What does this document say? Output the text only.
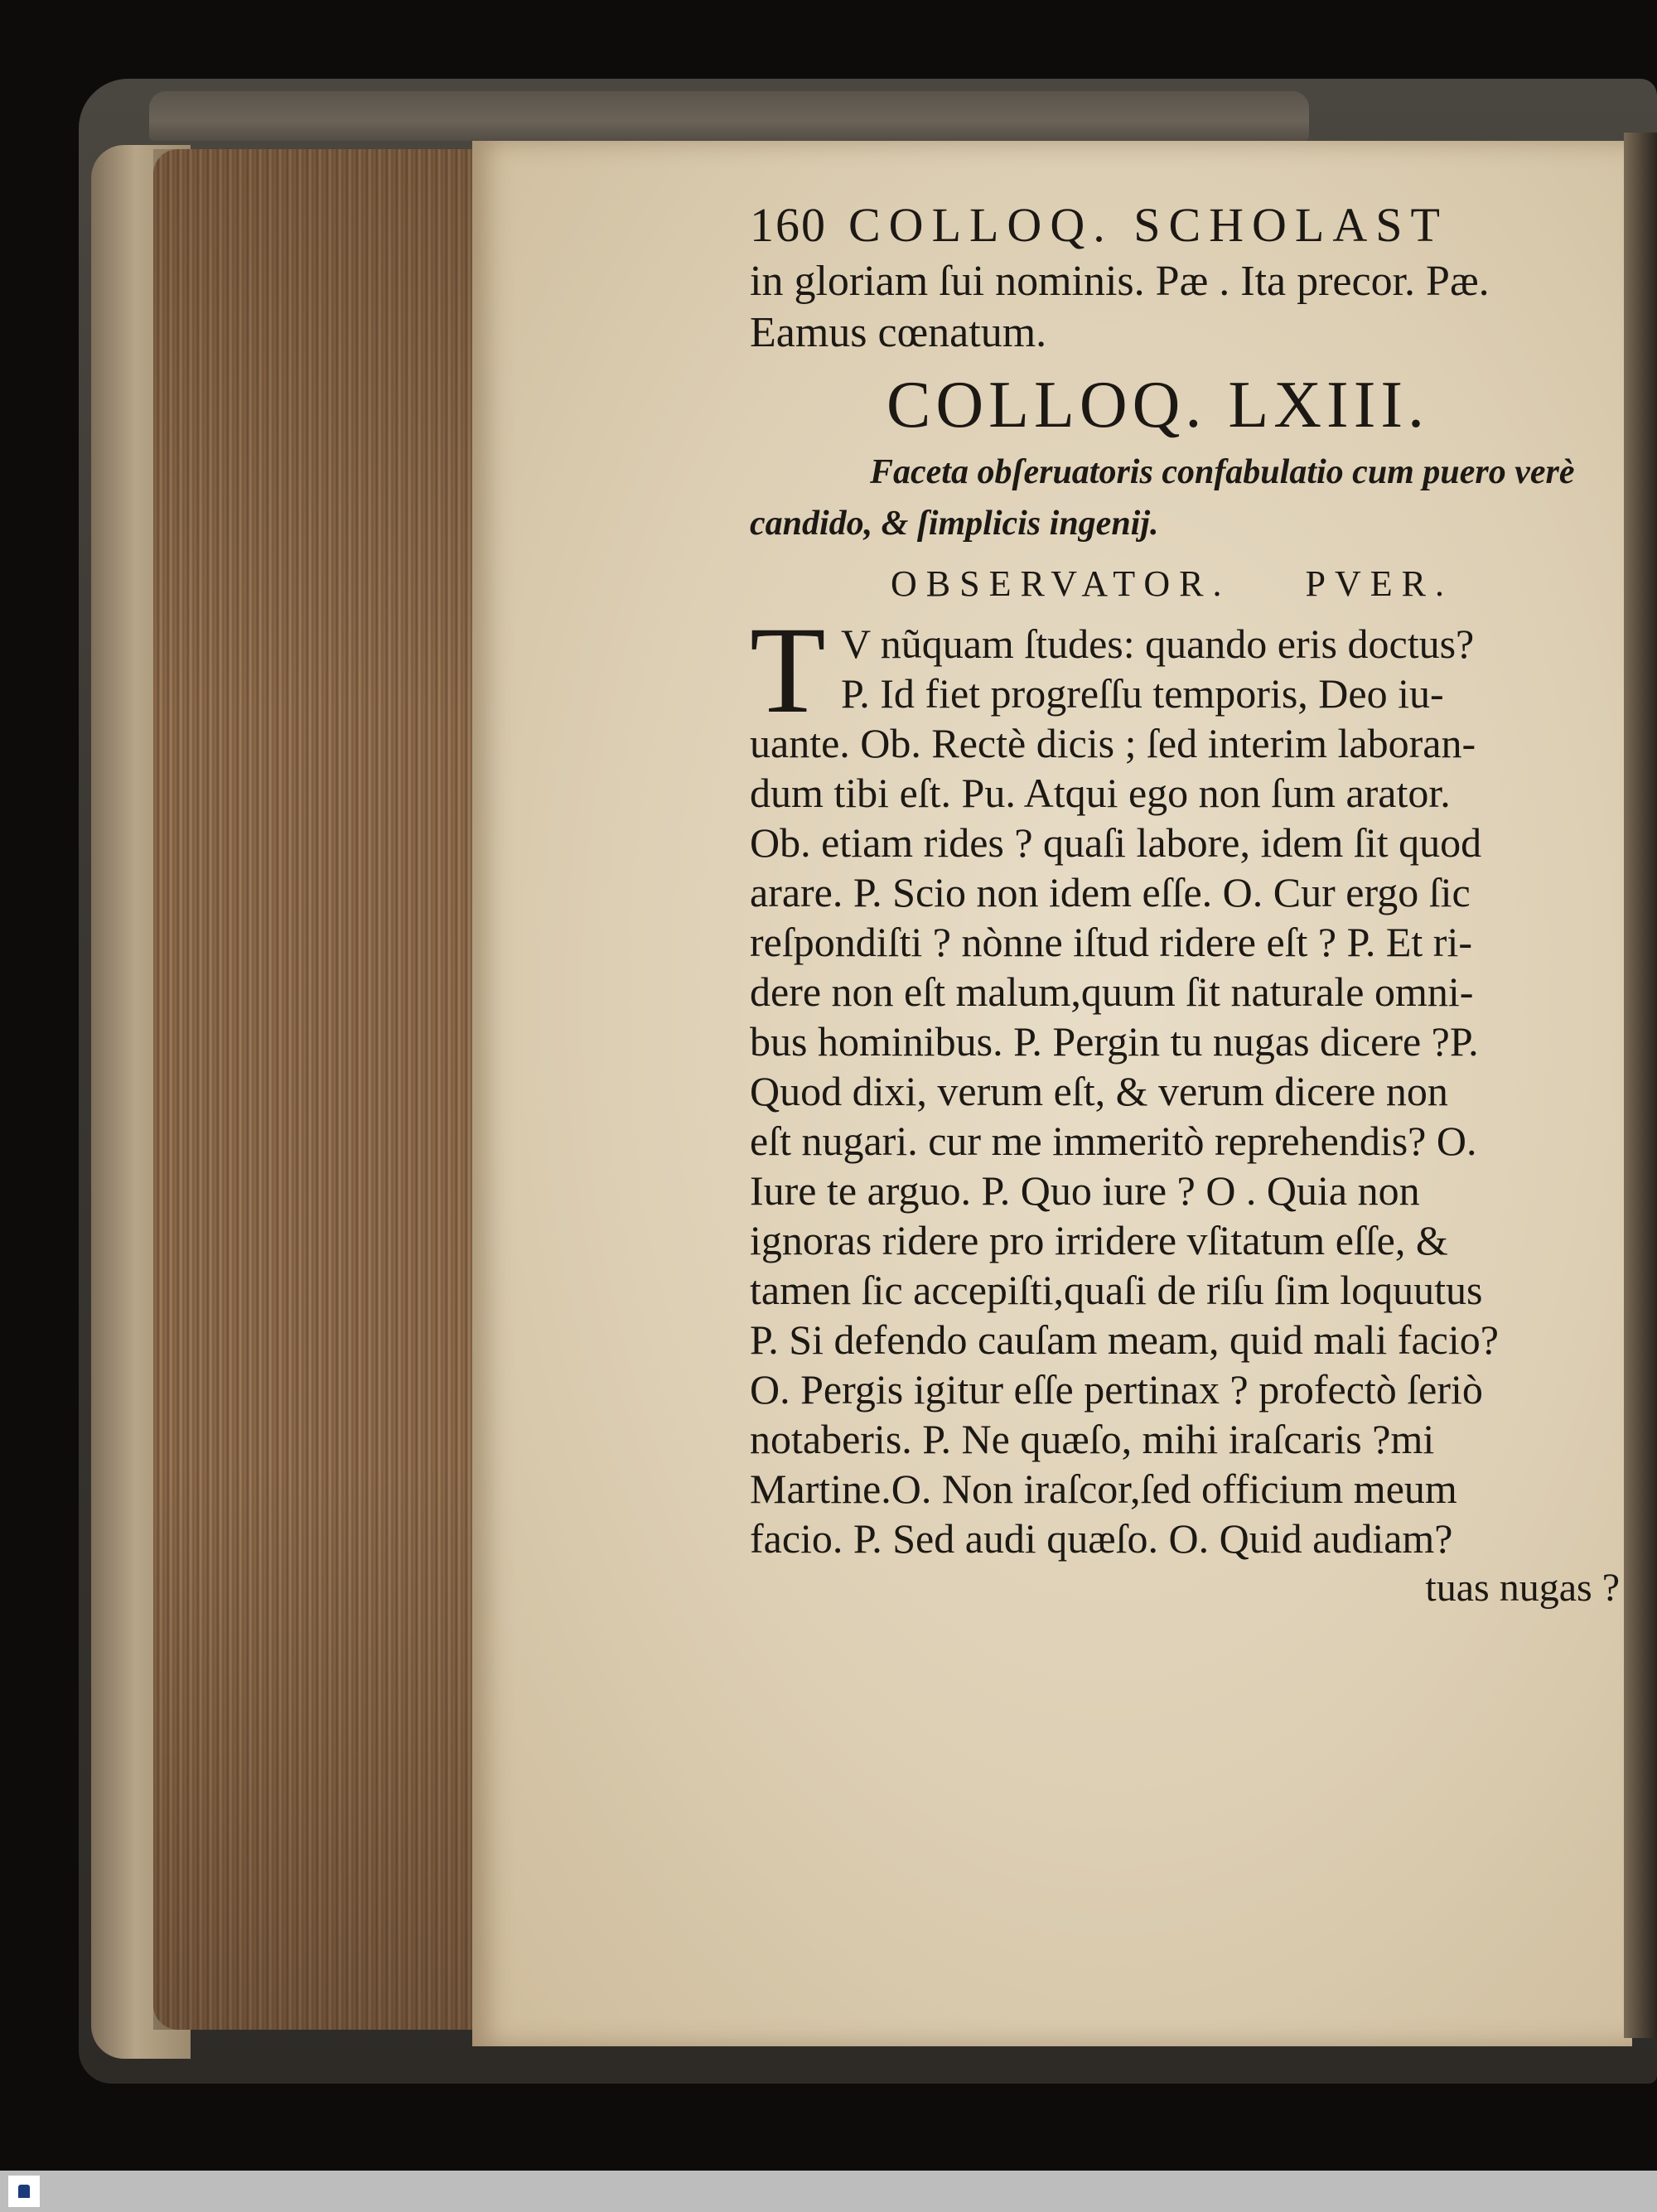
160 COLLOQ. SCHOLAST
in gloriam ſui nominis. Pæ . Ita precor. Pæ.
Eamus cœnatum.
COLLOQ. LXIII.
Faceta obſeruatoris confabulatio cum puero verè
candido, & ſimplicis ingenij.
OBSERVATOR. PVER.
T V nũquam ſtudes: quando eris doctus?
P. Id fiet progreſſu temporis, Deo iu-
uante. Ob. Rectè dicis ; ſed interim laboran-
dum tibi eſt. Pu. Atqui ego non ſum arator.
Ob. etiam rides ? quaſi labore, idem ſit quod
arare. P. Scio non idem eſſe. O. Cur ergo ſic
reſpondiſti ? nònne iſtud ridere eſt ? P. Et ri-
dere non eſt malum,quum ſit naturale omni-
bus hominibus. P. Pergin tu nugas dicere ?P.
Quod dixi, verum eſt, & verum dicere non
eſt nugari. cur me immeritò reprehendis? O.
Iure te arguo. P. Quo iure ? O . Quia non
ignoras ridere pro irridere vſitatum eſſe, &
tamen ſic accepiſti,quaſi de riſu ſim loquutus
P. Si defendo cauſam meam, quid mali facio?
O. Pergis igitur eſſe pertinax ? profectò ſeriò
notaberis. P. Ne quæſo, mihi iraſcaris ?mi
Martine.O. Non iraſcor,ſed officium meum
facio. P. Sed audi quæſo. O. Quid audiam?
tuas nugas ?
